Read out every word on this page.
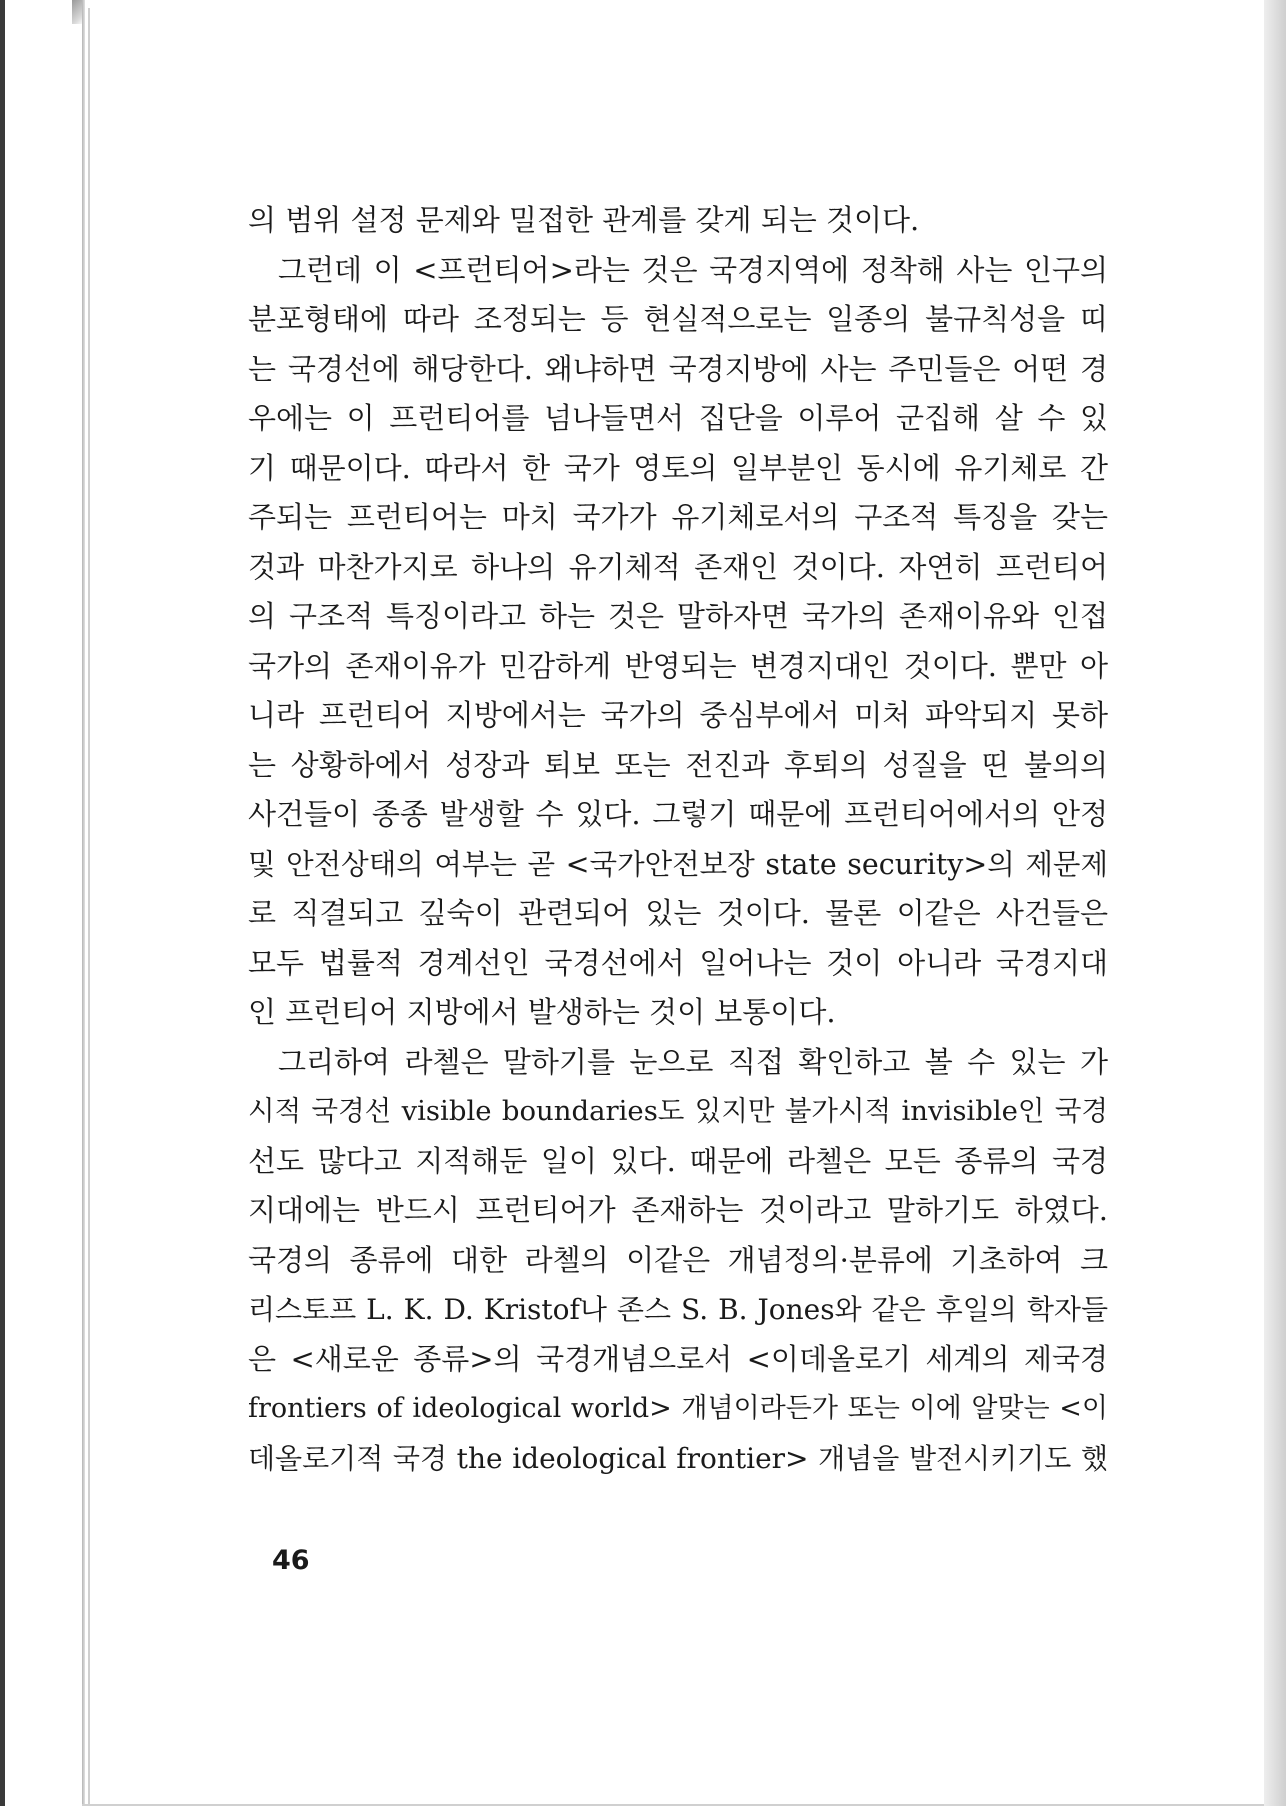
의 범위 설정 문제와 밀접한 관계를 갖게 되는 것이다.
그런데 이 <프런티어>라는 것은 국경지역에 정착해 사는 인구의
분포형태에 따라 조정되는 등 현실적으로는 일종의 불규칙성을 띠
는 국경선에 해당한다. 왜냐하면 국경지방에 사는 주민들은 어떤 경
우에는 이 프런티어를 넘나들면서 집단을 이루어 군집해 살 수 있
기 때문이다. 따라서 한 국가 영토의 일부분인 동시에 유기체로 간
주되는 프런티어는 마치 국가가 유기체로서의 구조적 특징을 갖는
것과 마찬가지로 하나의 유기체적 존재인 것이다. 자연히 프런티어
의 구조적 특징이라고 하는 것은 말하자면 국가의 존재이유와 인접
국가의 존재이유가 민감하게 반영되는 변경지대인 것이다. 뿐만 아
니라 프런티어 지방에서는 국가의 중심부에서 미처 파악되지 못하
는 상황하에서 성장과 퇴보 또는 전진과 후퇴의 성질을 띤 불의의
사건들이 종종 발생할 수 있다. 그렇기 때문에 프런티어에서의 안정
및 안전상태의 여부는 곧 <국가안전보장 state security>의 제문제
로 직결되고 깊숙이 관련되어 있는 것이다. 물론 이같은 사건들은
모두 법률적 경계선인 국경선에서 일어나는 것이 아니라 국경지대
인 프런티어 지방에서 발생하는 것이 보통이다.
그리하여 라첼은 말하기를 눈으로 직접 확인하고 볼 수 있는 가
시적 국경선 visible boundaries도 있지만 불가시적 invisible인 국경
선도 많다고 지적해둔 일이 있다. 때문에 라첼은 모든 종류의 국경
지대에는 반드시 프런티어가 존재하는 것이라고 말하기도 하였다.
국경의 종류에 대한 라첼의 이같은 개념정의·분류에 기초하여 크
리스토프 L. K. D. Kristof나 존스 S. B. Jones와 같은 후일의 학자들
은 <새로운 종류>의 국경개념으로서 <이데올로기 세계의 제국경
frontiers of ideological world> 개념이라든가 또는 이에 알맞는 <이
데올로기적 국경 the ideological frontier> 개념을 발전시키기도 했
46
